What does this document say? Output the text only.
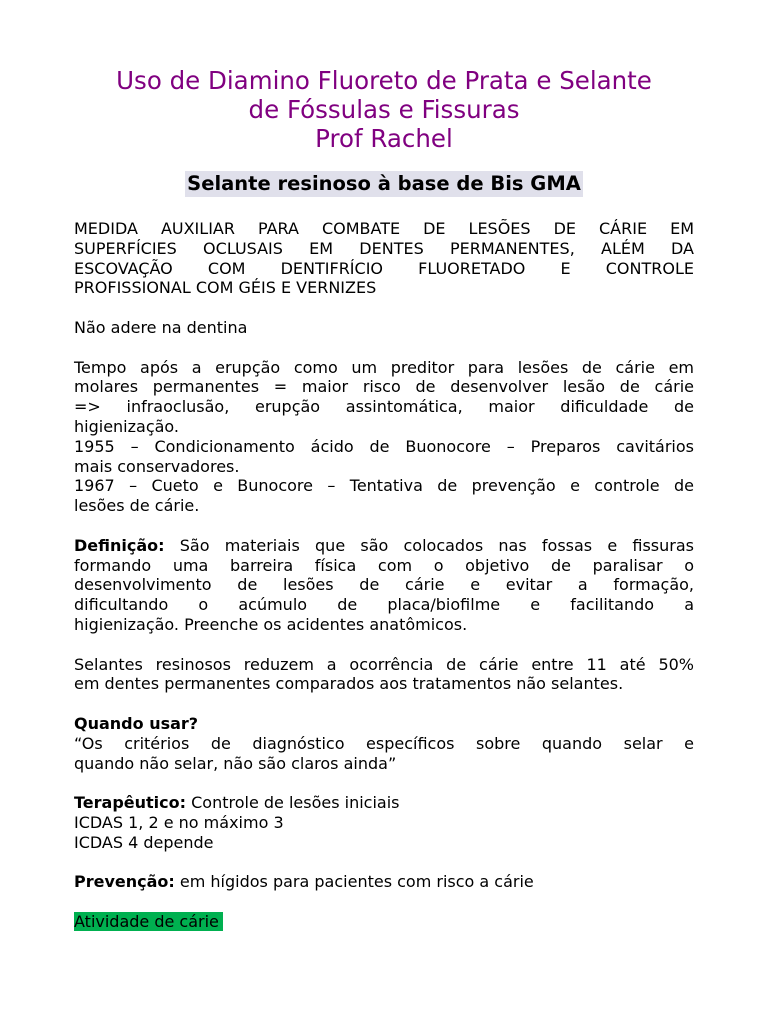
Uso de Diamino Fluoreto de Prata e Selante
de Fóssulas e Fissuras
Prof Rachel
Selante resinoso à base de Bis GMA
MEDIDA AUXILIAR PARA COMBATE DE LESÕES DE CÁRIE EM
SUPERFÍCIES OCLUSAIS EM DENTES PERMANENTES, ALÉM DA
ESCOVAÇÃO COM DENTIFRÍCIO FLUORETADO E CONTROLE
PROFISSIONAL COM GÉIS E VERNIZES
Não adere na dentina
Tempo após a erupção como um preditor para lesões de cárie em
molares permanentes = maior risco de desenvolver lesão de cárie
=> infraoclusão, erupção assintomática, maior dificuldade de
higienização.
1955 – Condicionamento ácido de Buonocore – Preparos cavitários
mais conservadores.
1967 – Cueto e Bunocore – Tentativa de prevenção e controle de
lesões de cárie.
Definição: São materiais que são colocados nas fossas e fissuras
formando uma barreira física com o objetivo de paralisar o
desenvolvimento de lesões de cárie e evitar a formação,
dificultando o acúmulo de placa/biofilme e facilitando a
higienização. Preenche os acidentes anatômicos.
Selantes resinosos reduzem a ocorrência de cárie entre 11 até 50%
em dentes permanentes comparados aos tratamentos não selantes.
Quando usar?
“Os critérios de diagnóstico específicos sobre quando selar e
quando não selar, não são claros ainda”
Terapêutico: Controle de lesões iniciais
ICDAS 1, 2 e no máximo 3
ICDAS 4 depende
Prevenção: em hígidos para pacientes com risco a cárie
Atividade de cárie
